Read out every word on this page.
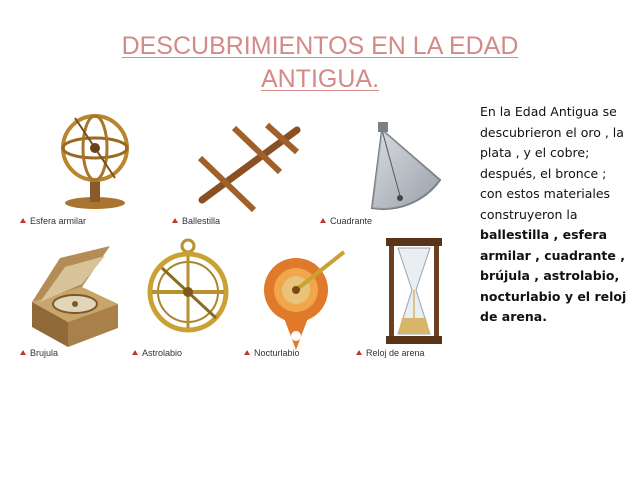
DESCUBRIMIENTOS EN LA EDAD
ANTIGUA.
Esfera armilar	Ballestilla	Cuadrante
Brujula	Astrolabio	Nocturlabio	Reloj de arena
En la Edad Antigua se descubrieron el oro , la plata , y el cobre; después, el bronce ; con estos materiales construyeron la ballestilla , esfera armilar , cuadrante , brújula , astrolabio, nocturlabio y el reloj de arena.
